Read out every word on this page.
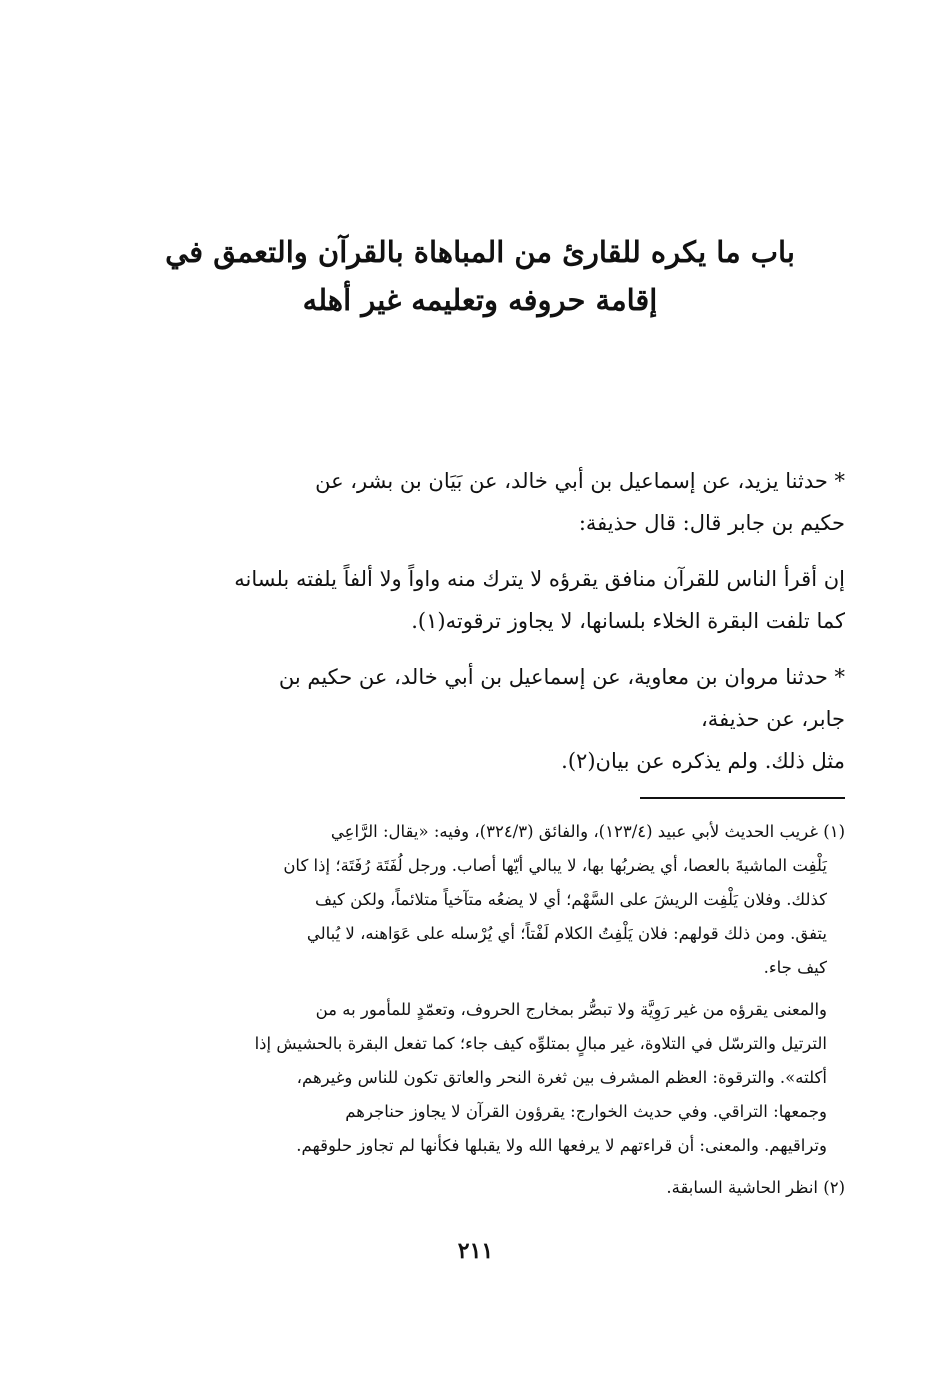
باب ما يكره للقارئ من المباهاة بالقرآن والتعمق في
إقامة حروفه وتعليمه غير أهله
* حدثنا يزيد، عن إسماعيل بن أبي خالد، عن بَيَان بن بشر، عن
حكيم بن جابر قال: قال حذيفة:
إن أقرأ الناس للقرآن منافق يقرؤه لا يترك منه واواً ولا ألفاً يلفته بلسانه
كما تلفت البقرة الخلاء بلسانها، لا يجاوز ترقوته(١).
* حدثنا مروان بن معاوية، عن إسماعيل بن أبي خالد، عن حكيم بن
جابر، عن حذيفة،
مثل ذلك. ولم يذكره عن بيان(٢).
(١) غريب الحديث لأبي عبيد (١٢٣/٤)، والفائق (٣٢٤/٣)، وفيه: «يقال: الرَّاعِي
يَلْفِت الماشيةَ بالعصا، أي يضربُها بها، لا يبالي أيّها أصاب. ورجل لُفَتَة رُفَتَة؛ إذا كان
كذلك. وفلان يَلْفِت الريشَ على السَّهْم؛ أي لا يضعُه متآخياً متلائماً، ولكن كيف
يتفق. ومن ذلك قولهم: فلان يَلْفِتُ الكلام لَفْتاً؛ أي يُرْسله على عَوَاهنه، لا يُبالي
كيف جاء.
والمعنى يقرؤه من غير رَوِيَّة ولا تبصُّر بمخارج الحروف، وتعمّدٍ للمأمور به من
الترتيل والترسّل في التلاوة، غير مبالٍ بمتلوِّه كيف جاء؛ كما تفعل البقرة بالحشيش إذا
أكلته». والترقوة: العظم المشرف بين ثغرة النحر والعاتق تكون للناس وغيرهم،
وجمعها: التراقي. وفي حديث الخوارج: يقرؤون القرآن لا يجاوز حناجرهم
وتراقيهم. والمعنى: أن قراءتهم لا يرفعها الله ولا يقبلها فكأنها لم تجاوز حلوقهم.
(٢) انظر الحاشية السابقة.
٢١١
